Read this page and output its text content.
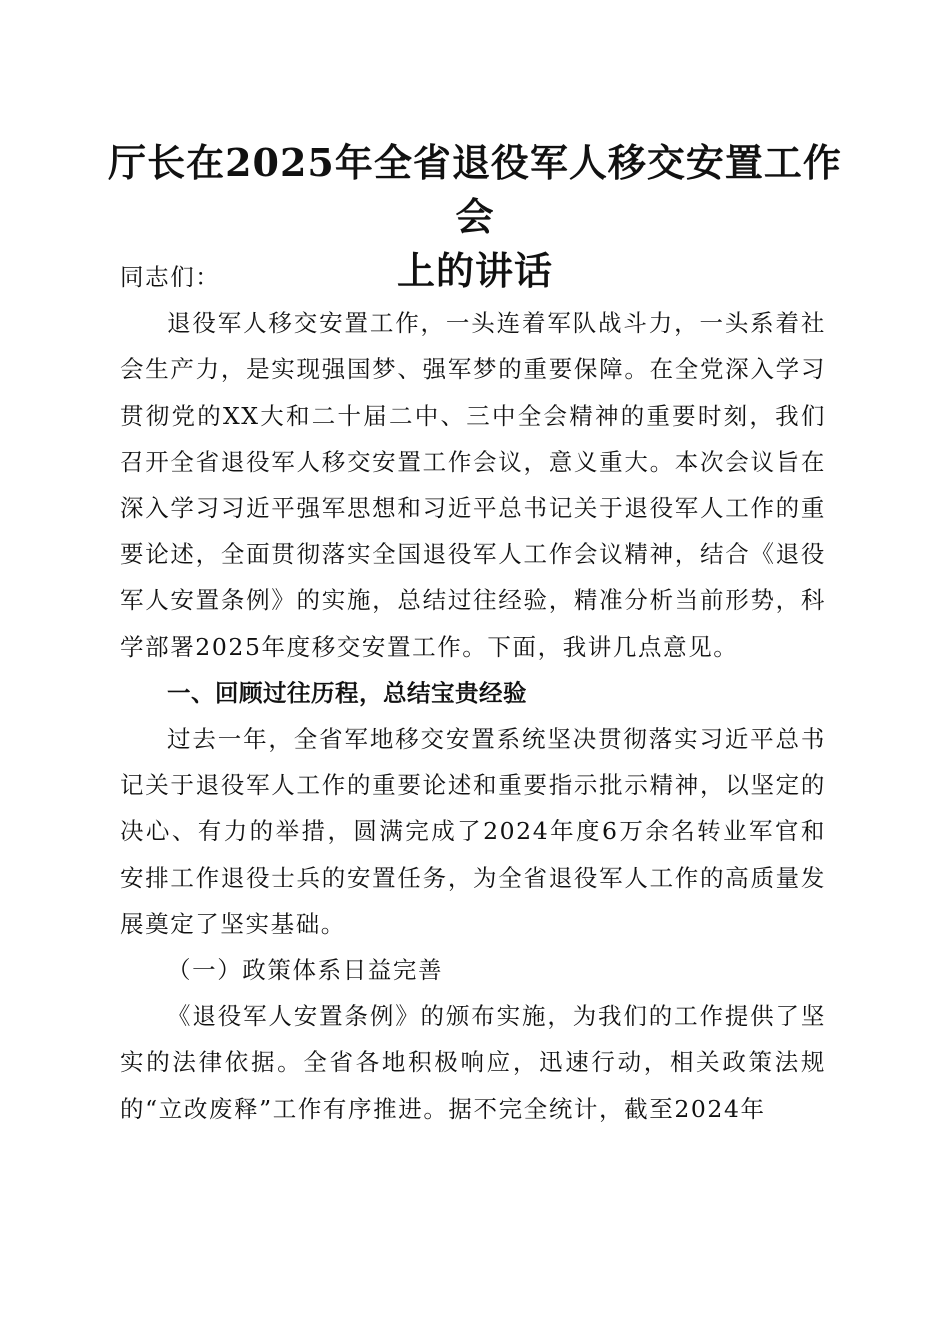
厅长在2025年全省退役军人移交安置工作会
上的讲话

同志们：

退役军人移交安置工作，一头连着军队战斗力，一头系着社会生产力，是实现强国梦、强军梦的重要保障。在全党深入学习贯彻党的XX大和二十届二中、三中全会精神的重要时刻，我们召开全省退役军人移交安置工作会议，意义重大。本次会议旨在深入学习习近平强军思想和习近平总书记关于退役军人工作的重要论述，全面贯彻落实全国退役军人工作会议精神，结合《退役军人安置条例》的实施，总结过往经验，精准分析当前形势，科学部署2025年度移交安置工作。下面，我讲几点意见。

一、回顾过往历程，总结宝贵经验

过去一年，全省军地移交安置系统坚决贯彻落实习近平总书记关于退役军人工作的重要论述和重要指示批示精神，以坚定的决心、有力的举措，圆满完成了2024年度6万余名转业军官和安排工作退役士兵的安置任务，为全省退役军人工作的高质量发展奠定了坚实基础。

（一）政策体系日益完善

《退役军人安置条例》的颁布实施，为我们的工作提供了坚实的法律依据。全省各地积极响应，迅速行动，相关政策法规的“立改废释”工作有序推进。据不完全统计，截至2024年
